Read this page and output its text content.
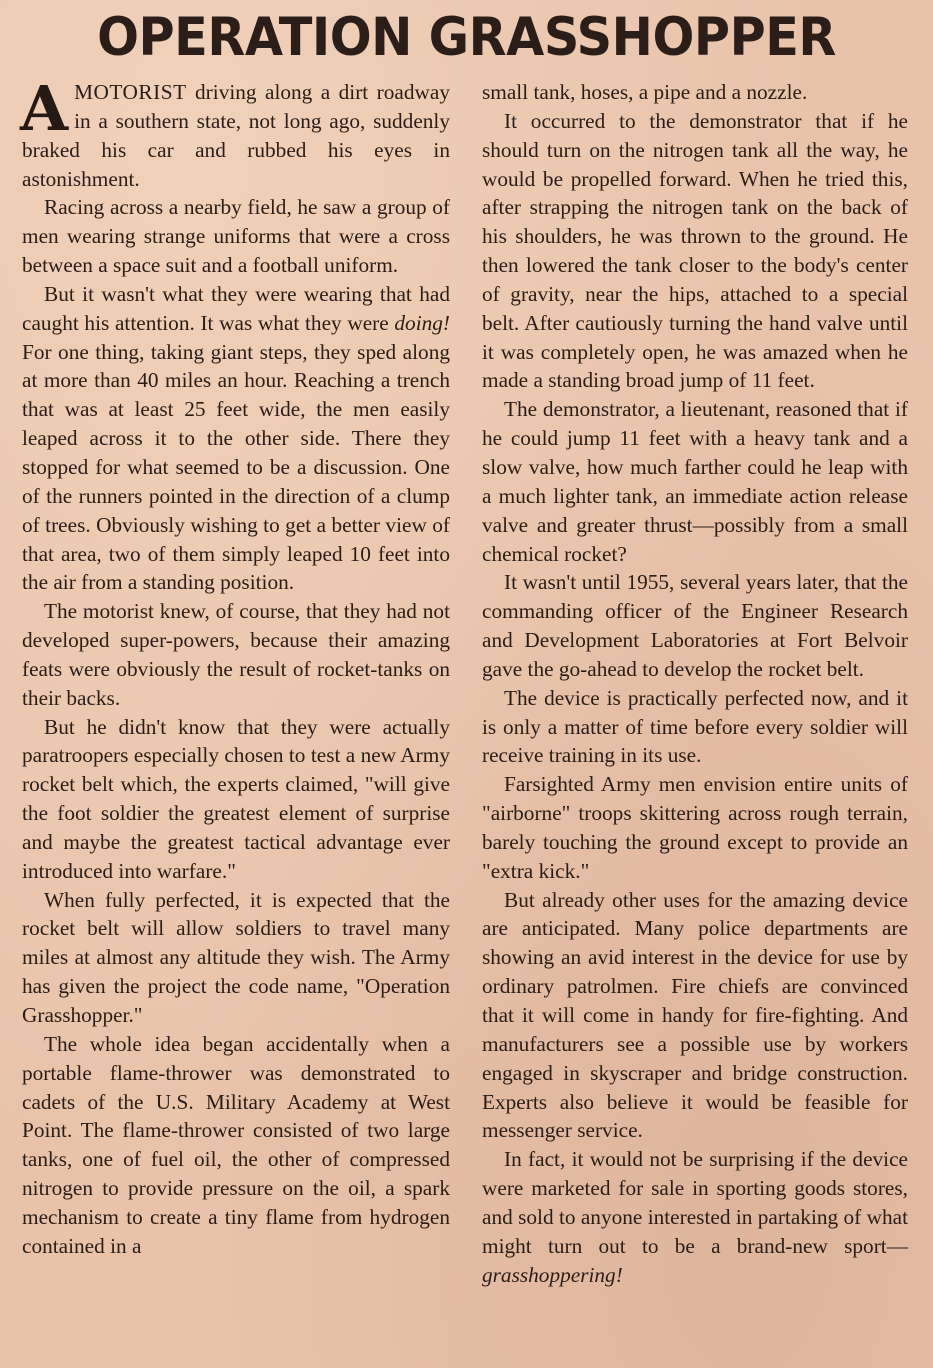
OPERATION GRASSHOPPER

AMOTORIST driving along a dirt roadway in a southern state, not long ago, suddenly braked his car and rubbed his eyes in astonishment.

Racing across a nearby field, he saw a group of men wearing strange uniforms that were a cross between a space suit and a football uniform.

But it wasn't what they were wearing that had caught his attention. It was what they were doing! For one thing, taking giant steps, they sped along at more than 40 miles an hour. Reaching a trench that was at least 25 feet wide, the men easily leaped across it to the other side. There they stopped for what seemed to be a discussion. One of the runners pointed in the direction of a clump of trees. Obviously wishing to get a better view of that area, two of them simply leaped 10 feet into the air from a standing position.

The motorist knew, of course, that they had not developed super-powers, because their amazing feats were obviously the result of rocket-tanks on their backs.

But he didn't know that they were actually paratroopers especially chosen to test a new Army rocket belt which, the experts claimed, "will give the foot soldier the greatest element of surprise and maybe the greatest tactical advantage ever introduced into warfare."

When fully perfected, it is expected that the rocket belt will allow soldiers to travel many miles at almost any altitude they wish. The Army has given the project the code name, "Operation Grasshopper."

The whole idea began accidentally when a portable flame-thrower was demonstrated to cadets of the U.S. Military Academy at West Point. The flame-thrower consisted of two large tanks, one of fuel oil, the other of compressed nitrogen to provide pressure on the oil, a spark mechanism to create a tiny flame from hydrogen contained in a

small tank, hoses, a pipe and a nozzle.

It occurred to the demonstrator that if he should turn on the nitrogen tank all the way, he would be propelled forward. When he tried this, after strapping the nitrogen tank on the back of his shoulders, he was thrown to the ground. He then lowered the tank closer to the body's center of gravity, near the hips, attached to a special belt. After cautiously turning the hand valve until it was completely open, he was amazed when he made a standing broad jump of 11 feet.

The demonstrator, a lieutenant, reasoned that if he could jump 11 feet with a heavy tank and a slow valve, how much farther could he leap with a much lighter tank, an immediate action release valve and greater thrust—possibly from a small chemical rocket?

It wasn't until 1955, several years later, that the commanding officer of the Engineer Research and Development Laboratories at Fort Belvoir gave the go-ahead to develop the rocket belt.

The device is practically perfected now, and it is only a matter of time before every soldier will receive training in its use.

Farsighted Army men envision entire units of "airborne" troops skittering across rough terrain, barely touching the ground except to provide an "extra kick."

But already other uses for the amazing device are anticipated. Many police departments are showing an avid interest in the device for use by ordinary patrolmen. Fire chiefs are convinced that it will come in handy for fire-fighting. And manufacturers see a possible use by workers engaged in skyscraper and bridge construction. Experts also believe it would be feasible for messenger service.

In fact, it would not be surprising if the device were marketed for sale in sporting goods stores, and sold to anyone interested in partaking of what might turn out to be a brand-new sport—grasshoppering!
